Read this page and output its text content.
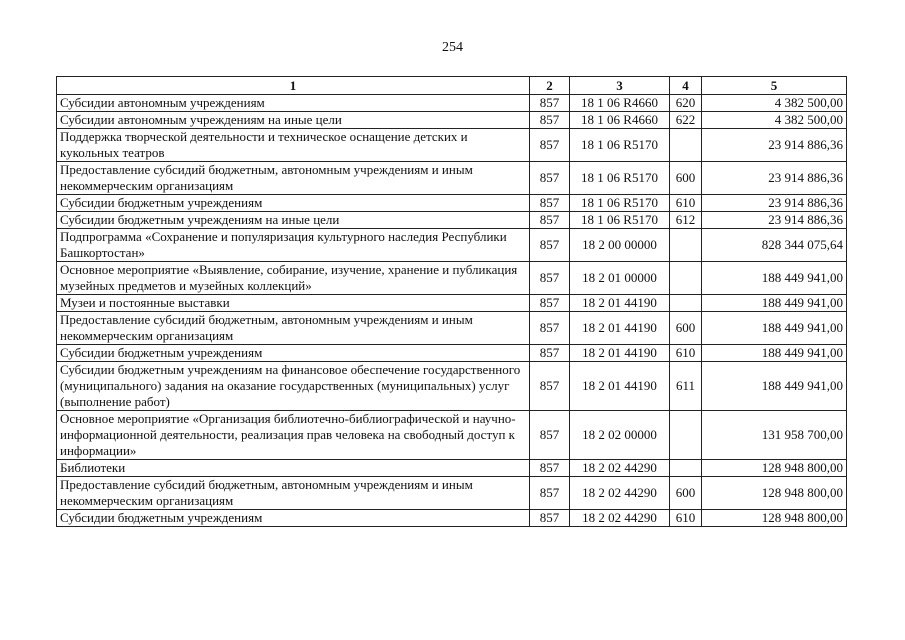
254
1	2	3	4	5
Субсидии автономным учреждениям	857	18 1 06 R4660	620	4 382 500,00
Субсидии автономным учреждениям на иные цели	857	18 1 06 R4660	622	4 382 500,00
Поддержка творческой деятельности и техническое оснащение детских и кукольных театров	857	18 1 06 R5170		23 914 886,36
Предоставление субсидий бюджетным, автономным учреждениям и иным некоммерческим организациям	857	18 1 06 R5170	600	23 914 886,36
Субсидии бюджетным учреждениям	857	18 1 06 R5170	610	23 914 886,36
Субсидии бюджетным учреждениям на иные цели	857	18 1 06 R5170	612	23 914 886,36
Подпрограмма «Сохранение и популяризация культурного наследия Республики Башкортостан»	857	18 2 00 00000		828 344 075,64
Основное мероприятие «Выявление, собирание, изучение, хранение и публикация музейных предметов и музейных коллекций»	857	18 2 01 00000		188 449 941,00
Музеи и постоянные выставки	857	18 2 01 44190		188 449 941,00
Предоставление субсидий бюджетным, автономным учреждениям и иным некоммерческим организациям	857	18 2 01 44190	600	188 449 941,00
Субсидии бюджетным учреждениям	857	18 2 01 44190	610	188 449 941,00
Субсидии бюджетным учреждениям на финансовое обеспечение государственного (муниципального) задания на оказание государственных (муниципальных) услуг (выполнение работ)	857	18 2 01 44190	611	188 449 941,00
Основное мероприятие «Организация библиотечно-библиографической и научно-информационной деятельности, реализация прав человека на свободный доступ к информации»	857	18 2 02 00000		131 958 700,00
Библиотеки	857	18 2 02 44290		128 948 800,00
Предоставление субсидий бюджетным, автономным учреждениям и иным некоммерческим организациям	857	18 2 02 44290	600	128 948 800,00
Субсидии бюджетным учреждениям	857	18 2 02 44290	610	128 948 800,00
